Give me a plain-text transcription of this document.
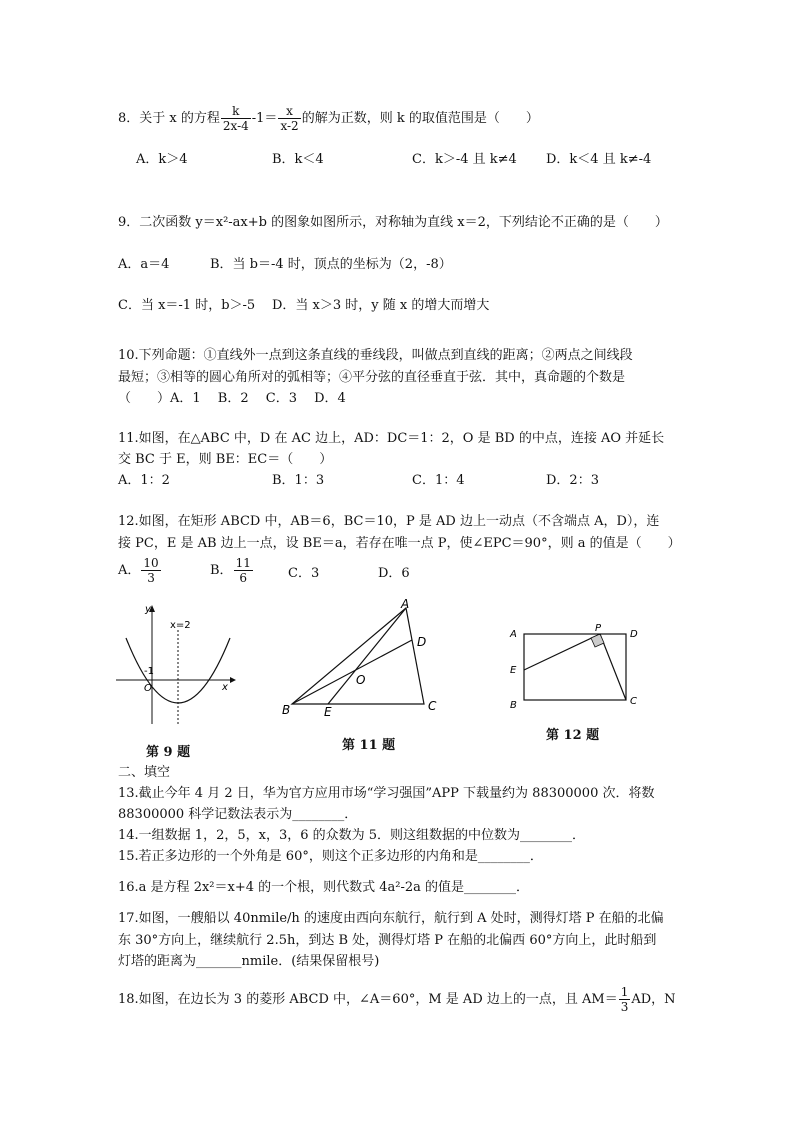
8．关于 x 的方程 $\frac{k}{2x-4} -1= \frac{x}{x-2}$ 的解为正数，则 k 的取值范围是（　　）
A．k＞4	B．k＜4	C．k＞-4 且 k≠4 D．k＜4 且 k≠-4
9．二次函数 y＝x²-ax+b 的图象如图所示，对称轴为直线 x＝2，下列结论不正确的是（　　）
A．a＝4	B．当 b＝-4 时，顶点的坐标为（2，-8）
C．当 x＝-1 时，b＞-5 D．当 x＞3 时，y 随 x 的增大而增大
10.下列命题：①直线外一点到这条直线的垂线段，叫做点到直线的距离；②两点之间线段
最短；③相等的圆心角所对的弧相等；④平分弦的直径垂直于弦．其中，真命题的个数是
（　　）A．1　 B．2　 C．3　 D．4
11.如图，在△ABC 中，D 在 AC 边上，AD：DC＝1：2，O 是 BD 的中点，连接 AO 并延长
交 BC 于 E，则 BE：EC＝（　　）
A．1：2	B．1：3	C．1：4	D．2：3
12.如图，在矩形 ABCD 中，AB＝6，BC＝10，P 是 AD 边上一动点（不含端点 A，D），连
接 PC，E 是 AB 边上一点，设 BE＝a，若存在唯一点 P，使∠EPC＝90°，则 a 的值是（　　）
A． $\frac{10}{3}$	B． $\frac{11}{6}$	C．3	D．6
y
x
x=2
-1
O
第 9 题
A
B	C
D
E
O
第 11 题
A
P
D
E
B	C
第 12 题
二、填空
13.截止今年 4 月 2 日，华为官方应用市场“学习强国”APP 下载量约为 88300000 次．将数
88300000 科学记数法表示为________．
14.一组数据 1，2，5，x，3，6 的众数为 5．则这组数据的中位数为________．
15.若正多边形的一个外角是 60°，则这个正多边形的内角和是________．
16.a 是方程 2x²＝x+4 的一个根，则代数式 4a²-2a 的值是________．
17.如图，一艘船以 40nmile/h 的速度由西向东航行，航行到 A 处时，测得灯塔 P 在船的北偏
东 30°方向上，继续航行 2.5h，到达 B 处，测得灯塔 P 在船的北偏西 60°方向上，此时船到
灯塔的距离为_______nmile．(结果保留根号)
18.如图，在边长为 3 的菱形 ABCD 中，∠A＝60°，M 是 AD 边上的一点，且 $AM= \frac{1}{3}$ AD，N
